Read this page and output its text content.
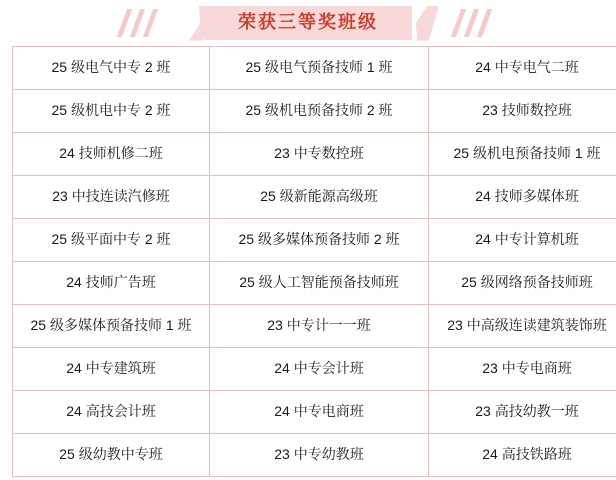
荣获三等奖班级
25 级电气中专 2 班	25 级电气预备技师 1 班	24 中专电气二班
25 级机电中专 2 班	25 级机电预备技师 2 班	23 技师数控班
24 技师机修二班	23 中专数控班	25 级机电预备技师 1 班
23 中技连读汽修班	25 级新能源高级班	24 技师多媒体班
25 级平面中专 2 班	25 级多媒体预备技师 2 班	24 中专计算机班
24 技师广告班	25 级人工智能预备技师班	25 级网络预备技师班
25 级多媒体预备技师 1 班	23 中专计一一班	23 中高级连读建筑装饰班
24 中专建筑班	24 中专会计班	23 中专电商班
24 高技会计班	24 中专电商班	23 高技幼教一班
25 级幼教中专班	23 中专幼教班	24 高技铁路班
